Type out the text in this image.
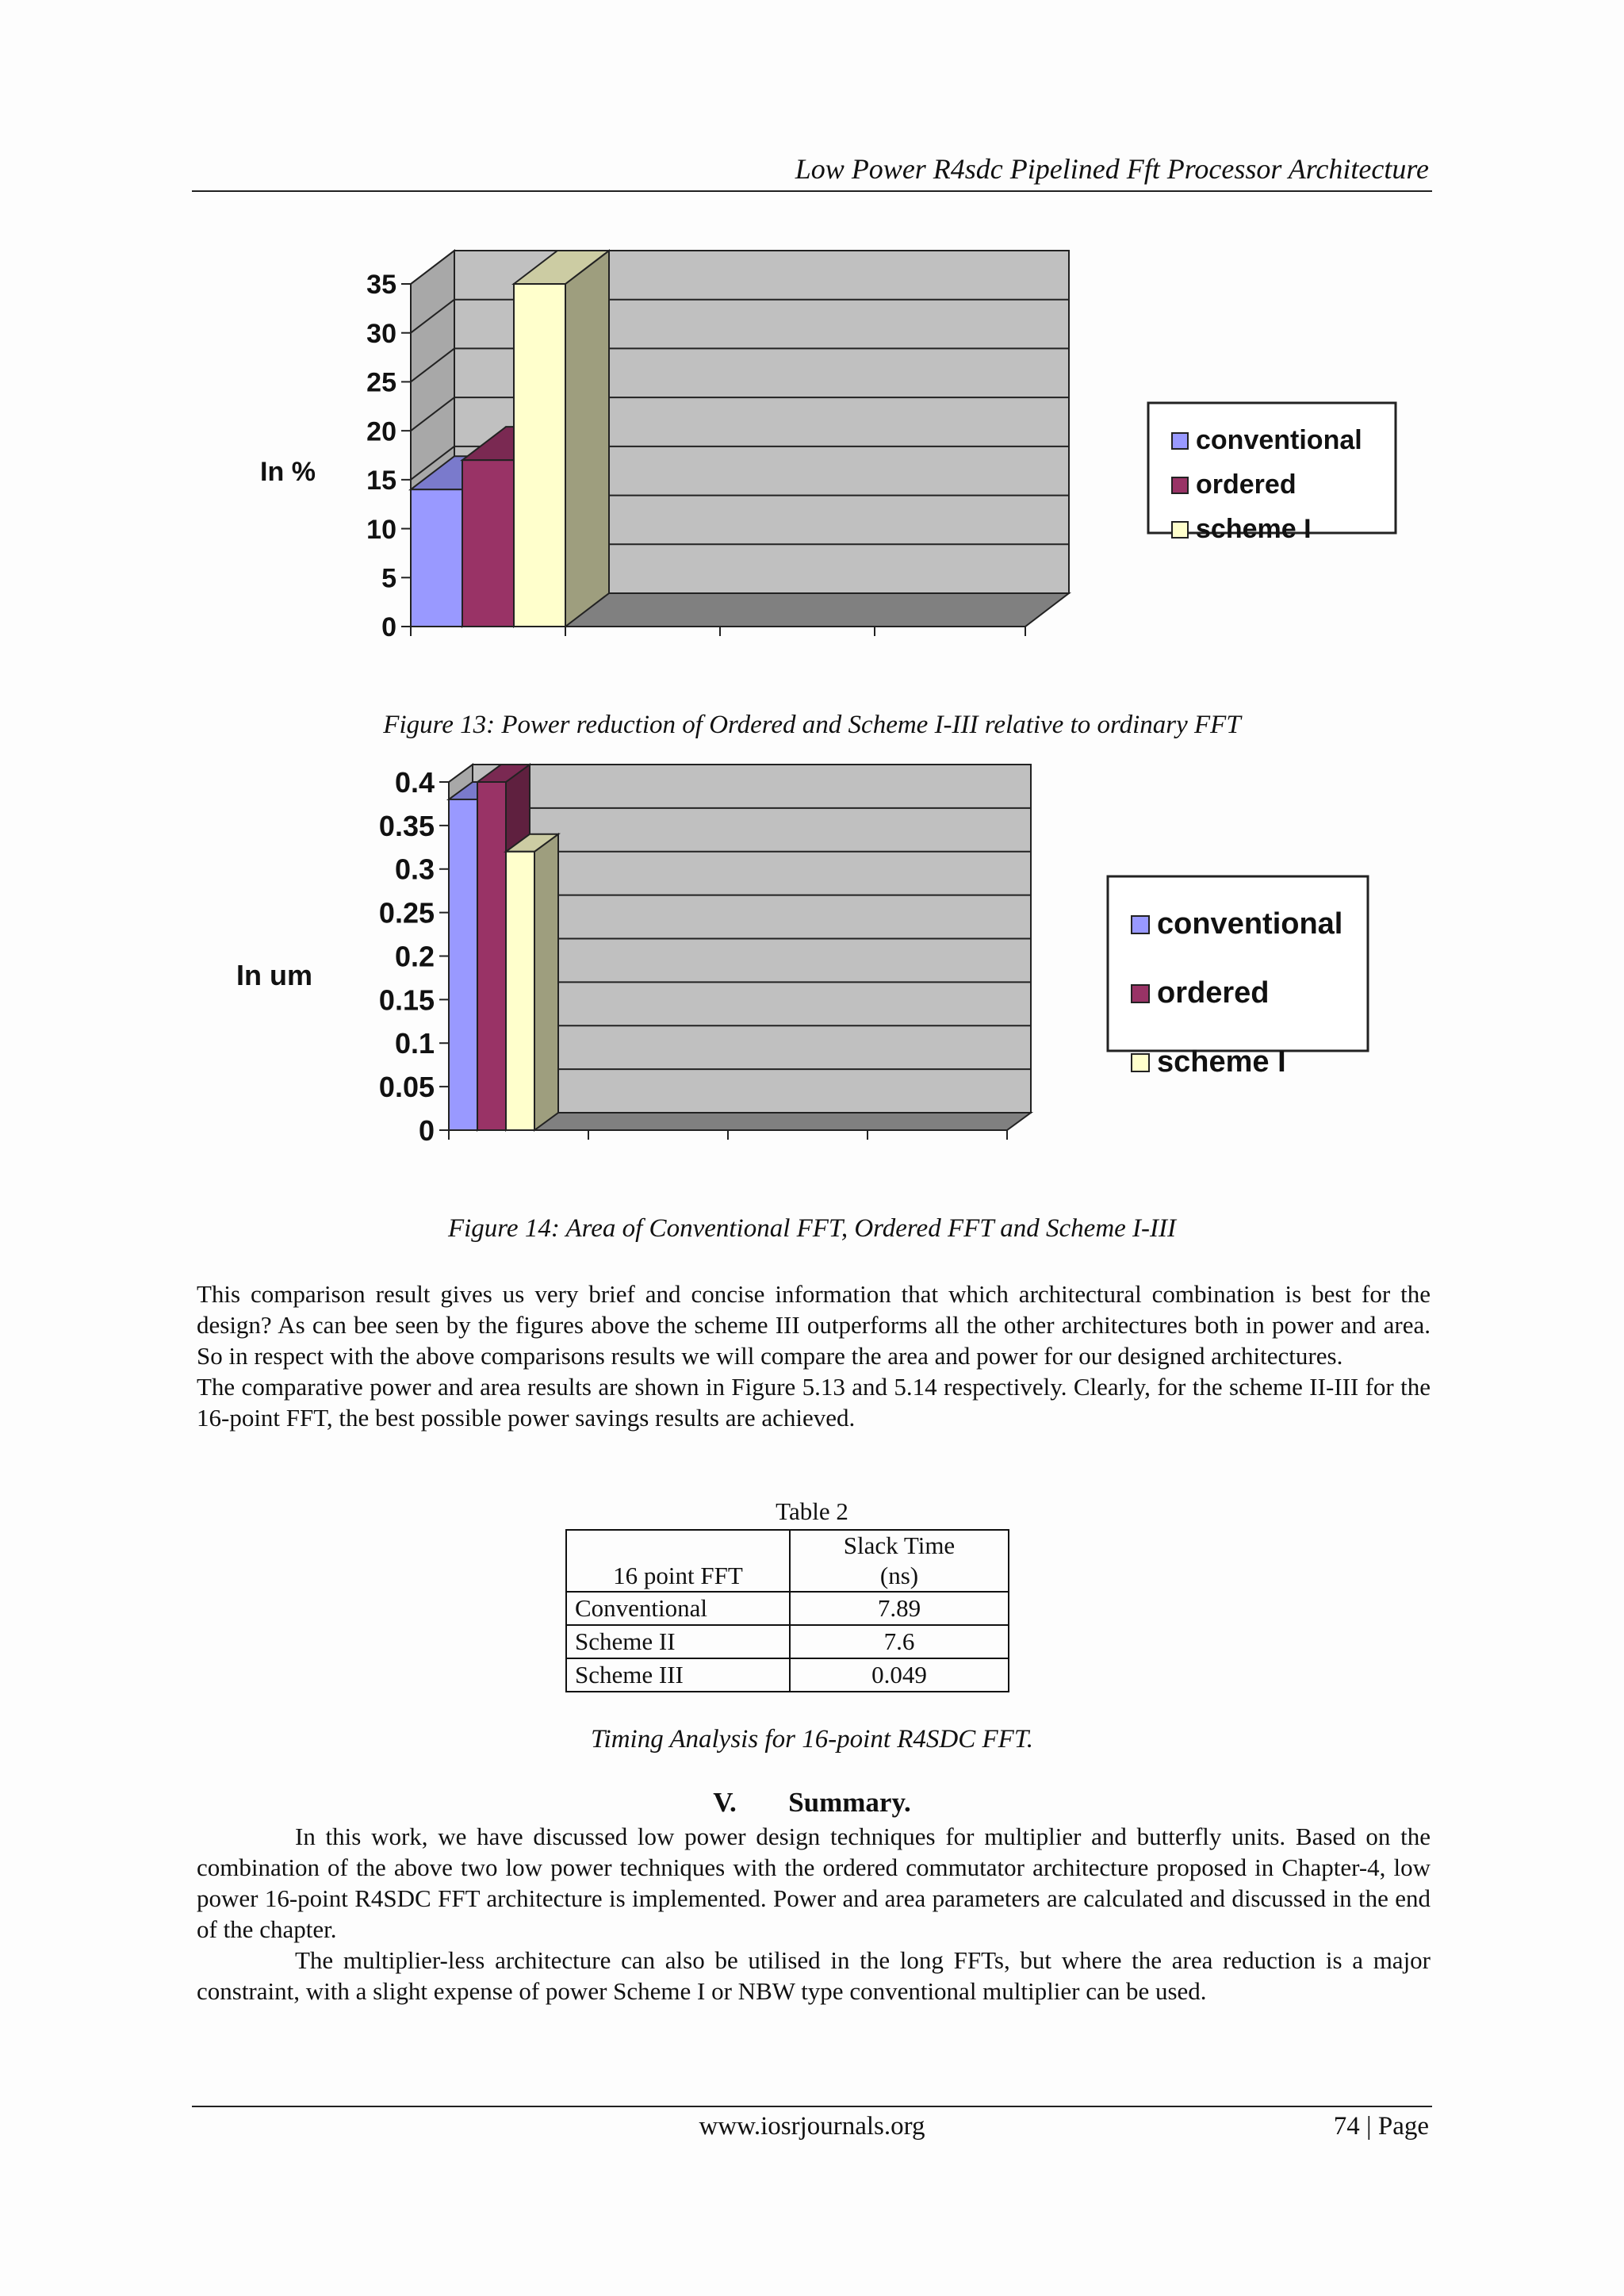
Low Power R4sdc Pipelined Fft Processor Architecture
0
5
10
15
20
25
30
35
In %
conventional
ordered
scheme I
Figure 13: Power reduction of Ordered and Scheme I-III relative to ordinary FFT
0
0.05
0.1
0.15
0.2
0.25
0.3
0.35
0.4
In um
conventional
ordered
scheme I
Figure 14: Area of Conventional FFT, Ordered FFT and Scheme I-III

This comparison result gives us very brief and concise information that which architectural combination is best for the design? As can bee seen by the figures above the scheme III outperforms all the other architectures both in power and area. So in respect with the above comparisons results we will compare the area and power for our designed architectures.

The comparative power and area results are shown in Figure 5.13 and 5.14 respectively. Clearly, for the scheme II-III for the 16-point FFT, the best possible power savings results are achieved.

Table 2
16 point FFT	Slack Time
(ns)
Conventional	7.89
Scheme II	7.6
Scheme III	0.049
Timing Analysis for 16-point R4SDC FFT.
V. Summary.

In this work, we have discussed low power design techniques for multiplier and butterfly units. Based on the combination of the above two low power techniques with the ordered commutator architecture proposed in Chapter-4, low power 16-point R4SDC FFT architecture is implemented. Power and area parameters are calculated and discussed in the end of the chapter.

The multiplier-less architecture can also be utilised in the long FFTs, but where the area reduction is a major constraint, with a slight expense of power Scheme I or NBW type conventional multiplier can be used.

www.iosrjournals.org	74 | Page
